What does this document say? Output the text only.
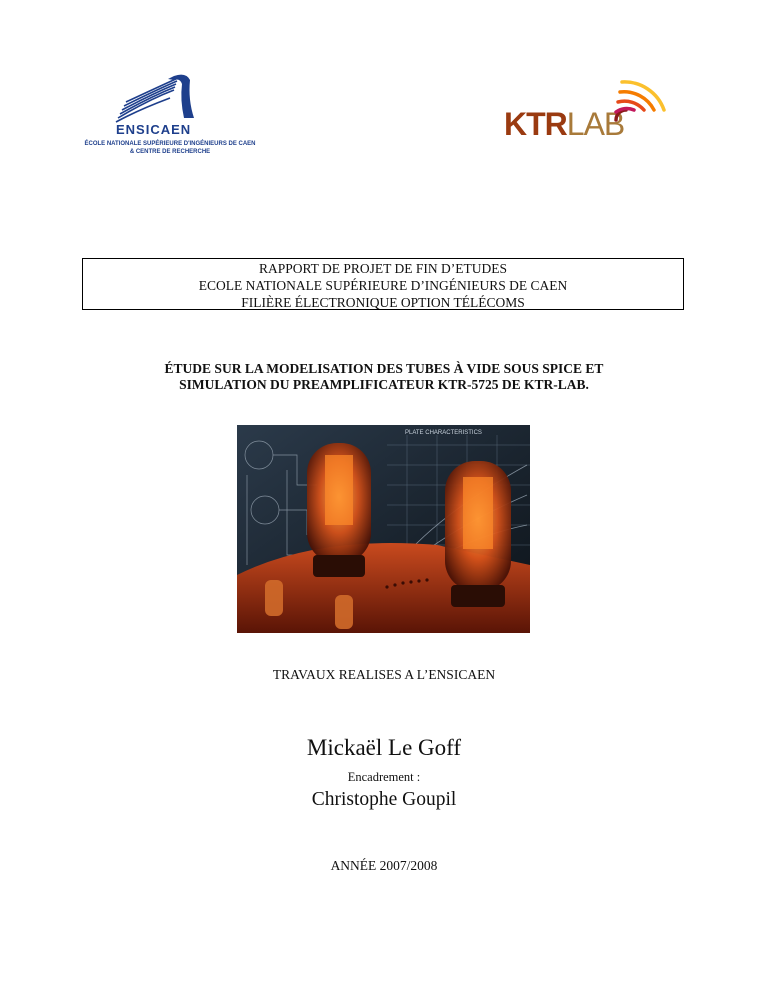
ENSICAEN
ÉCOLE NATIONALE SUPÉRIEURE D'INGÉNIEURS DE CAEN
& CENTRE DE RECHERCHE
KTRLAB
RAPPORT DE PROJET DE FIN D’ETUDES
ECOLE NATIONALE SUPÉRIEURE D’INGÉNIEURS DE CAEN
FILIÈRE ÉLECTRONIQUE OPTION TÉLÉCOMS
ÉTUDE SUR LA MODELISATION DES TUBES À VIDE SOUS SPICE ET
SIMULATION DU PREAMPLIFICATEUR KTR-5725 DE KTR-LAB.
PLATE CHARACTERISTICS
TRAVAUX REALISES A L’ENSICAEN
Mickaël Le Goff
Encadrement :
Christophe Goupil
ANNÉE 2007/2008
